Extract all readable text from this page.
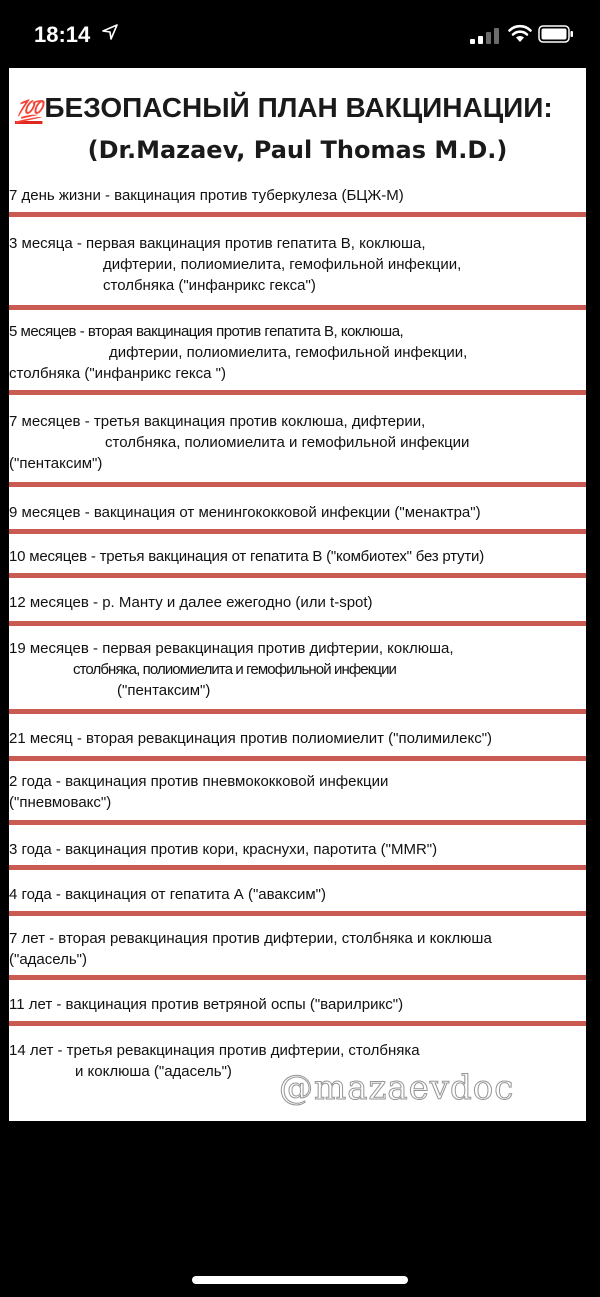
18:14
💯БЕЗОПАСНЫЙ ПЛАН ВАКЦИНАЦИИ:
(Dr.Mazaev, Paul Thomas M.D.)
7 день жизни - вакцинация против туберкулеза (БЦЖ-М)
3 месяца - первая вакцинация против гепатита В, коклюша,
дифтерии, полиомиелита, гемофильной инфекции,
столбняка ("инфанрикс гекса")
5 месяцев - вторая вакцинация против гепатита В, коклюша,
дифтерии, полиомиелита, гемофильной инфекции,
столбняка ("инфанрикс гекса ")
7 месяцев - третья вакцинация против коклюша, дифтерии,
столбняка, полиомиелита и гемофильной инфекции
("пентаксим")
9 месяцев - вакцинация от менингококковой инфекции ("менактра")
10 месяцев - третья вакцинация от гепатита В ("комбиотех" без ртути)
12 месяцев - р. Манту и далее ежегодно (или t-spot)
19 месяцев - первая ревакцинация против дифтерии, коклюша,
столбняка, полиомиелита и гемофильной инфекции
("пентаксим")
21 месяц - вторая ревакцинация против полиомиелит ("полимилекс")
2 года - вакцинация против пневмококковой инфекции
("пневмовакс")
3 года - вакцинация против кори, краснухи, паротита ("MMR")
4 года - вакцинация от гепатита А ("аваксим")
7 лет - вторая ревакцинация против дифтерии, столбняка и коклюша
("адасель")
11 лет - вакцинация против ветряной оспы ("варилрикс")
14 лет - третья ревакцинация против дифтерии, столбняка
и коклюша ("адасель")	@mazaevdoc
